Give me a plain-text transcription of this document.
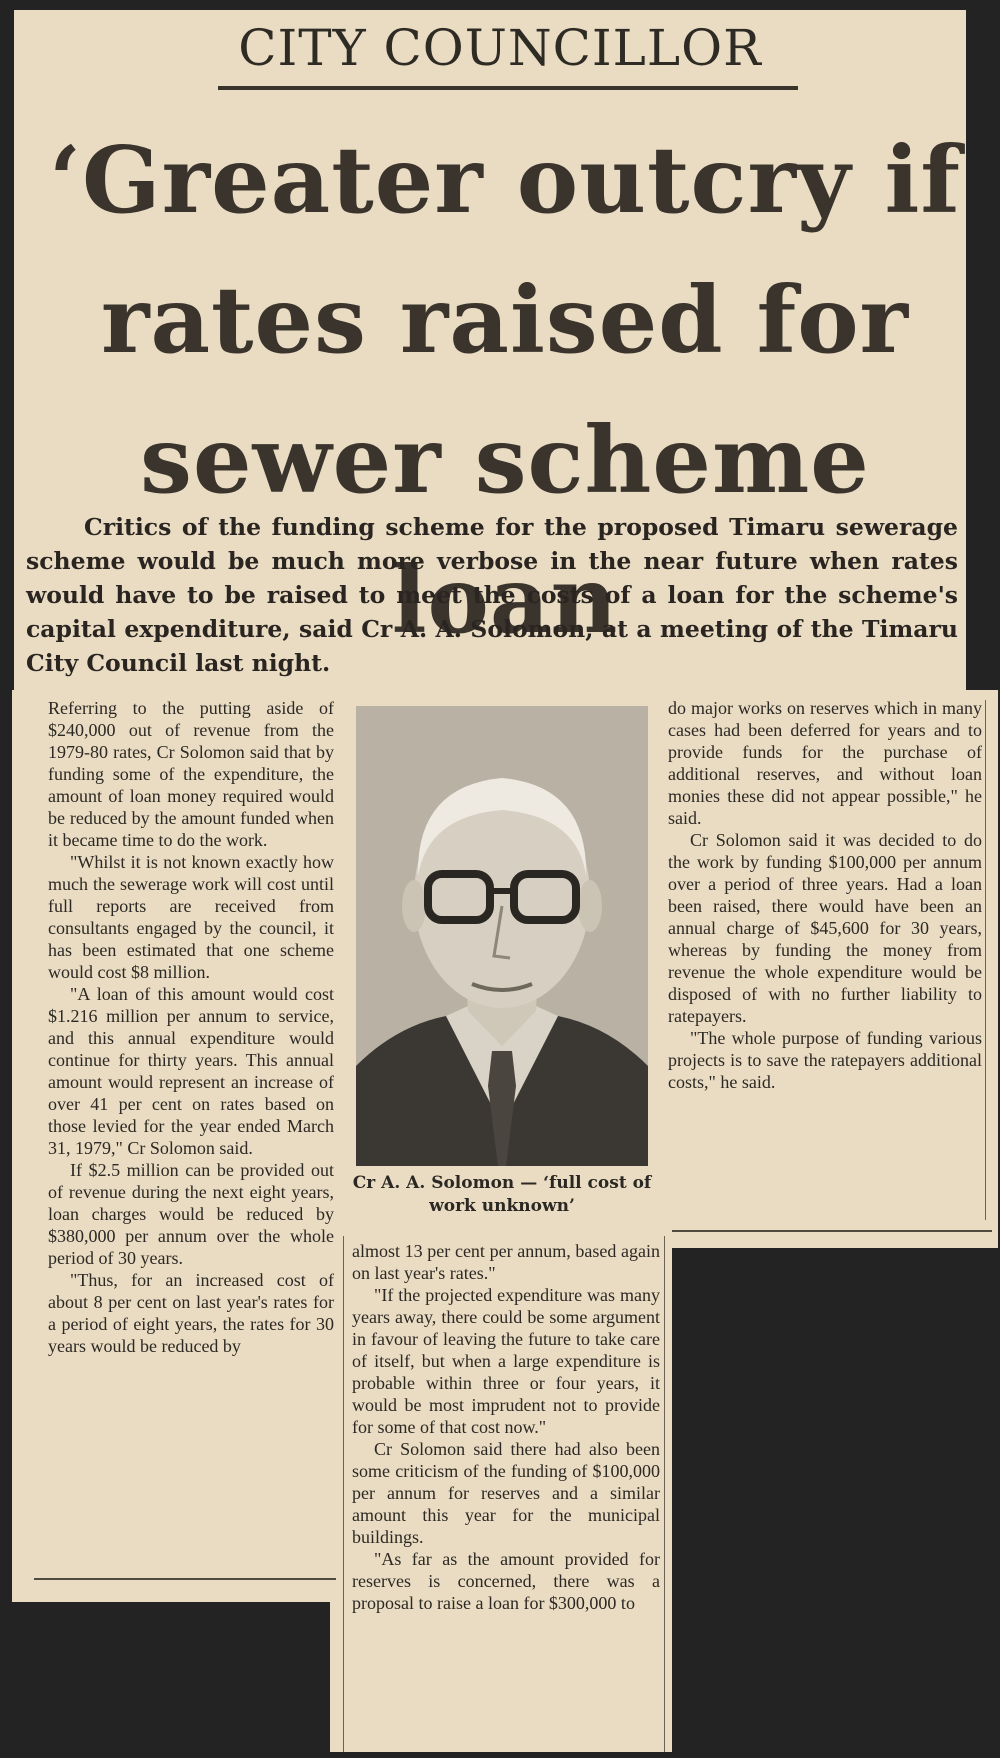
CITY COUNCILLOR
‘Greater outcry if rates raised for sewer scheme loan

Critics of the funding scheme for the proposed Timaru sewerage scheme would be much more verbose in the near future when rates would have to be raised to meet the costs of a loan for the scheme's capital expenditure, said Cr A. A. Solomon, at a meeting of the Timaru City Council last night.

Referring to the putting aside of $240,000 out of revenue from the 1979-80 rates, Cr Solomon said that by funding some of the expenditure, the amount of loan money required would be reduced by the amount funded when it became time to do the work.

"Whilst it is not known exactly how much the sewerage work will cost until full reports are received from consultants engaged by the council, it has been estimated that one scheme would cost $8 million.

"A loan of this amount would cost $1.216 million per annum to service, and this annual expenditure would continue for thirty years. This annual amount would represent an increase of over 41 per cent on rates based on those levied for the year ended March 31, 1979," Cr Solomon said.

If $2.5 million can be provided out of revenue during the next eight years, loan charges would be reduced by $380,000 per annum over the whole period of 30 years.

"Thus, for an increased cost of about 8 per cent on last year's rates for a period of eight years, the rates for 30 years would be reduced by

Cr A. A. Solomon — ‘full cost of work unknown’

almost 13 per cent per annum, based again on last year's rates."

"If the projected expenditure was many years away, there could be some argument in favour of leaving the future to take care of itself, but when a large expenditure is probable within three or four years, it would be most imprudent not to provide for some of that cost now."

Cr Solomon said there had also been some criticism of the funding of $100,000 per annum for reserves and a similar amount this year for the municipal buildings.

"As far as the amount provided for reserves is concerned, there was a proposal to raise a loan for $300,000 to

do major works on reserves which in many cases had been deferred for years and to provide funds for the purchase of additional reserves, and without loan monies these did not appear possible," he said.

Cr Solomon said it was decided to do the work by funding $100,000 per annum over a period of three years. Had a loan been raised, there would have been an annual charge of $45,600 for 30 years, whereas by funding the money from revenue the whole expenditure would be disposed of with no further liability to ratepayers.

"The whole purpose of funding various projects is to save the ratepayers additional costs," he said.
